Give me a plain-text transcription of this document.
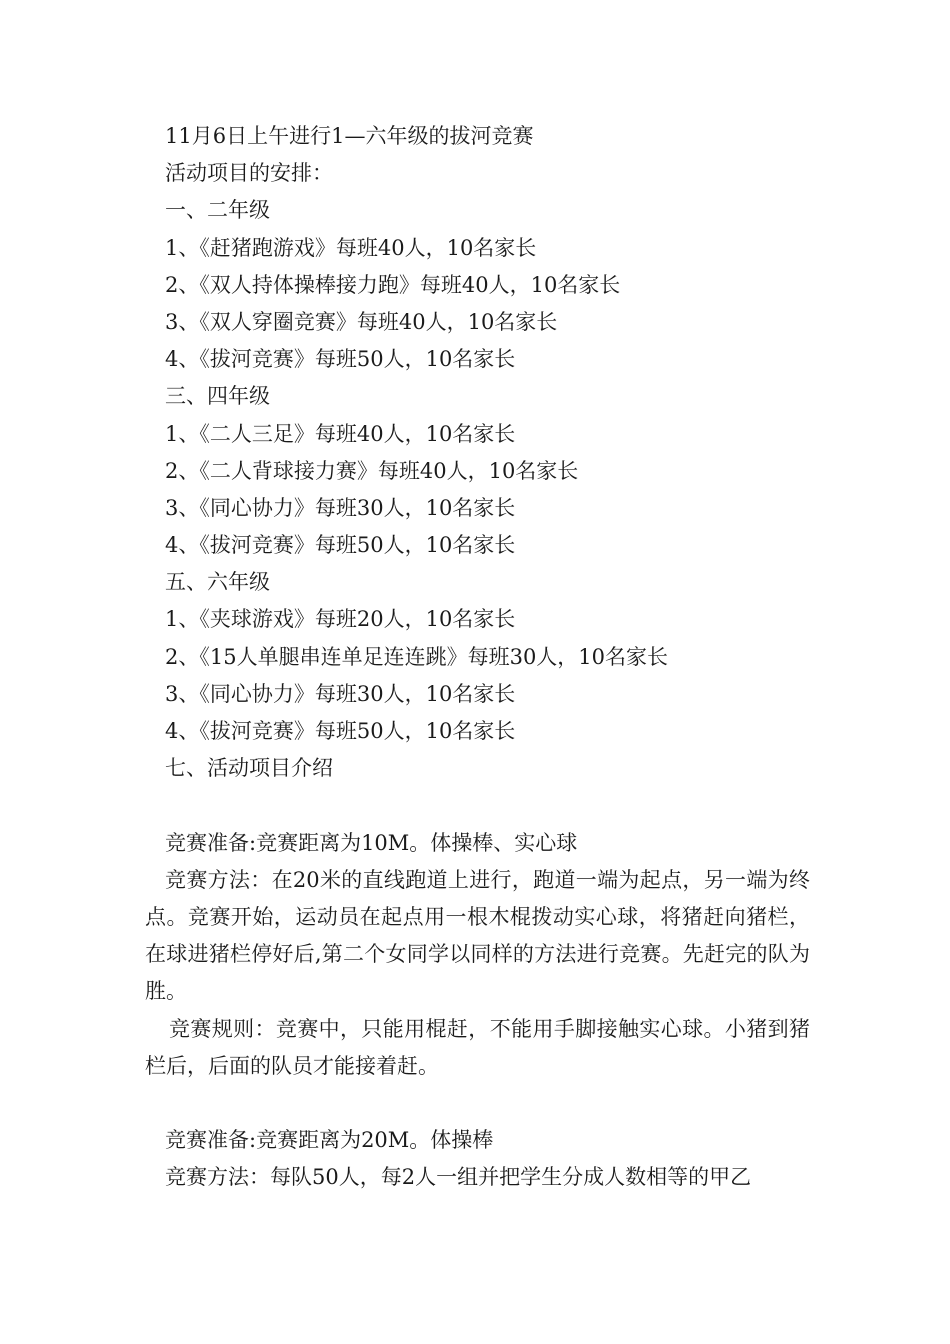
11月6日上午进行1—六年级的拔河竞赛
活动项目的安排：
一、二年级
1、《赶猪跑游戏》每班40人，10名家长
2、《双人持体操棒接力跑》每班40人，10名家长
3、《双人穿圈竞赛》每班40人，10名家长
4、《拔河竞赛》每班50人，10名家长
三、四年级
1、《二人三足》每班40人，10名家长
2、《二人背球接力赛》每班40人，10名家长
3、《同心协力》每班30人，10名家长
4、《拔河竞赛》每班50人，10名家长
五、六年级
1、《夹球游戏》每班20人，10名家长
2、《15人单腿串连单足连连跳》每班30人，10名家长
3、《同心协力》每班30人，10名家长
4、《拔河竞赛》每班50人，10名家长
七、活动项目介绍
竞赛准备:竞赛距离为10M。体操棒、实心球
竞赛方法：在20米的直线跑道上进行，跑道一端为起点，另一端为终点。竞赛开始，运动员在起点用一根木棍拨动实心球，将猪赶向猪栏，在球进猪栏停好后,第二个女同学以同样的方法进行竞赛。先赶完的队为胜。
竞赛规则：竞赛中，只能用棍赶，不能用手脚接触实心球。小猪到猪栏后，后面的队员才能接着赶。
竞赛准备:竞赛距离为20M。体操棒
竞赛方法：每队50人，每2人一组并把学生分成人数相等的甲乙
